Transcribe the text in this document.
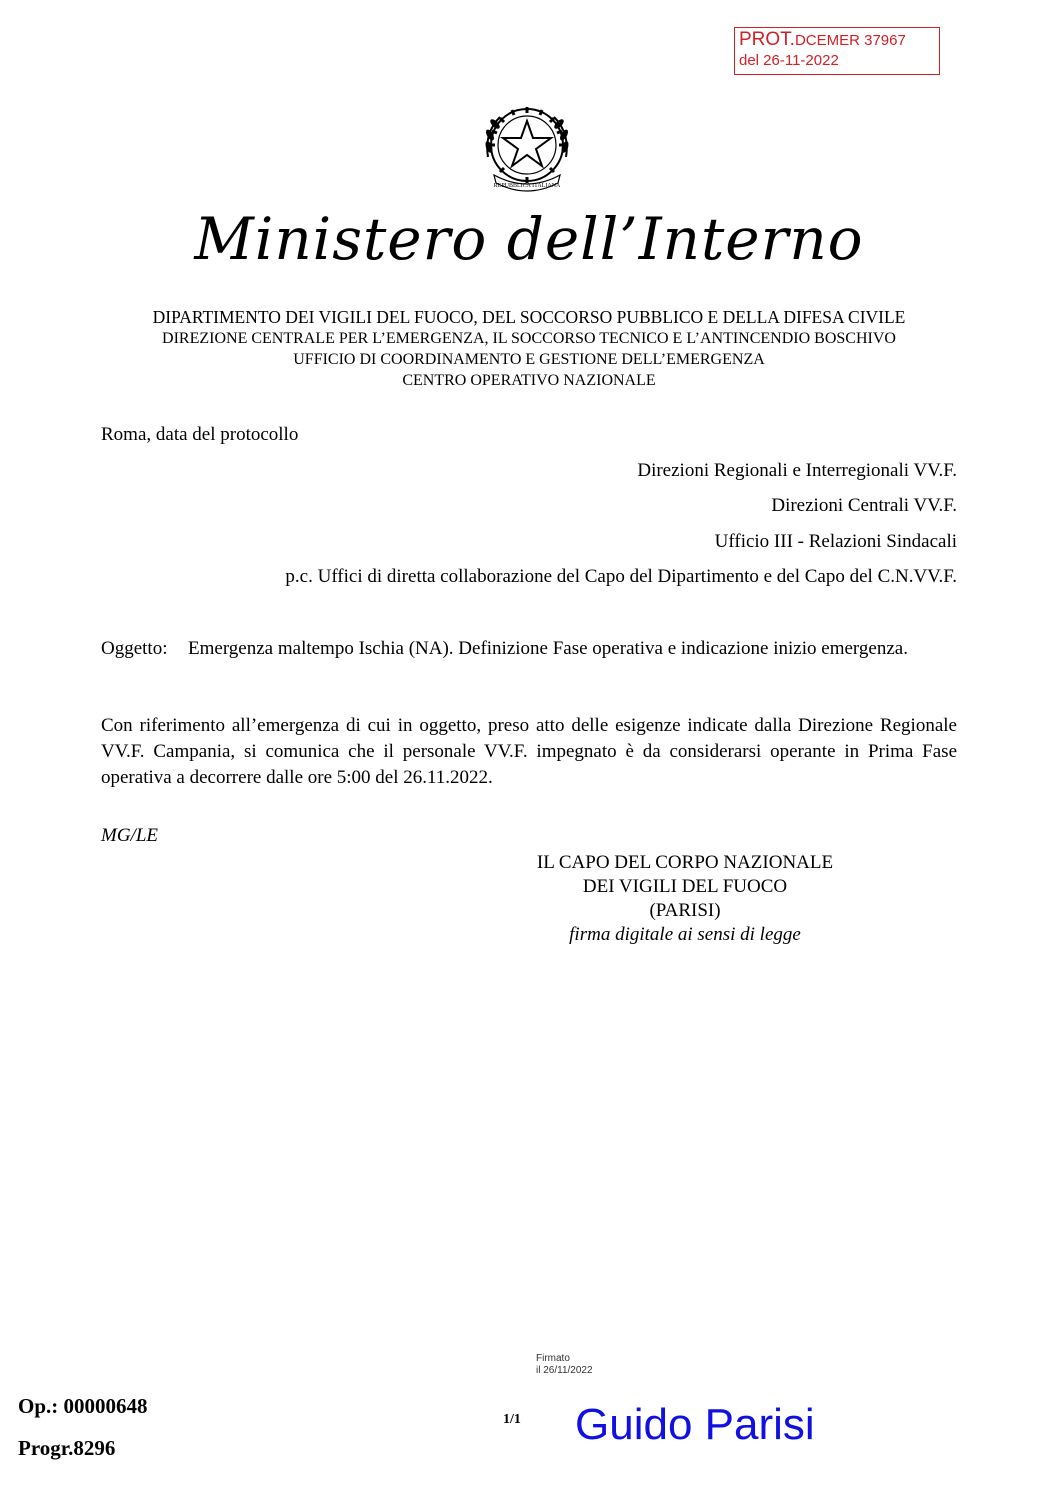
PROT.DCEMER 37967
del 26-11-2022
REPUBBLICA ITALIANA
Ministero dell’Interno
DIPARTIMENTO DEI VIGILI DEL FUOCO, DEL SOCCORSO PUBBLICO E DELLA DIFESA CIVILE
DIREZIONE CENTRALE PER L’EMERGENZA, IL SOCCORSO TECNICO E L’ANTINCENDIO BOSCHIVO
UFFICIO DI COORDINAMENTO E GESTIONE DELL’EMERGENZA
CENTRO OPERATIVO NAZIONALE
Roma, data del protocollo
Direzioni Regionali e Interregionali VV.F.
Direzioni Centrali VV.F.
Ufficio III - Relazioni Sindacali
p.c. Uffici di diretta collaborazione del Capo del Dipartimento e del Capo del C.N.VV.F.
Oggetto: Emergenza maltempo Ischia (NA). Definizione Fase operativa e indicazione inizio emergenza.
Con riferimento all’emergenza di cui in oggetto, preso atto delle esigenze indicate dalla Direzione Regionale VV.F. Campania, si comunica che il personale VV.F. impegnato è da considerarsi operante in Prima Fase operativa a decorrere dalle ore 5:00 del 26.11.2022.
MG/LE
IL CAPO DEL CORPO NAZIONALE
DEI VIGILI DEL FUOCO
(PARISI)
firma digitale ai sensi di legge
Firmato
il 26/11/2022
Op.: 00000648
Progr.8296
1/1 Guido Parisi
